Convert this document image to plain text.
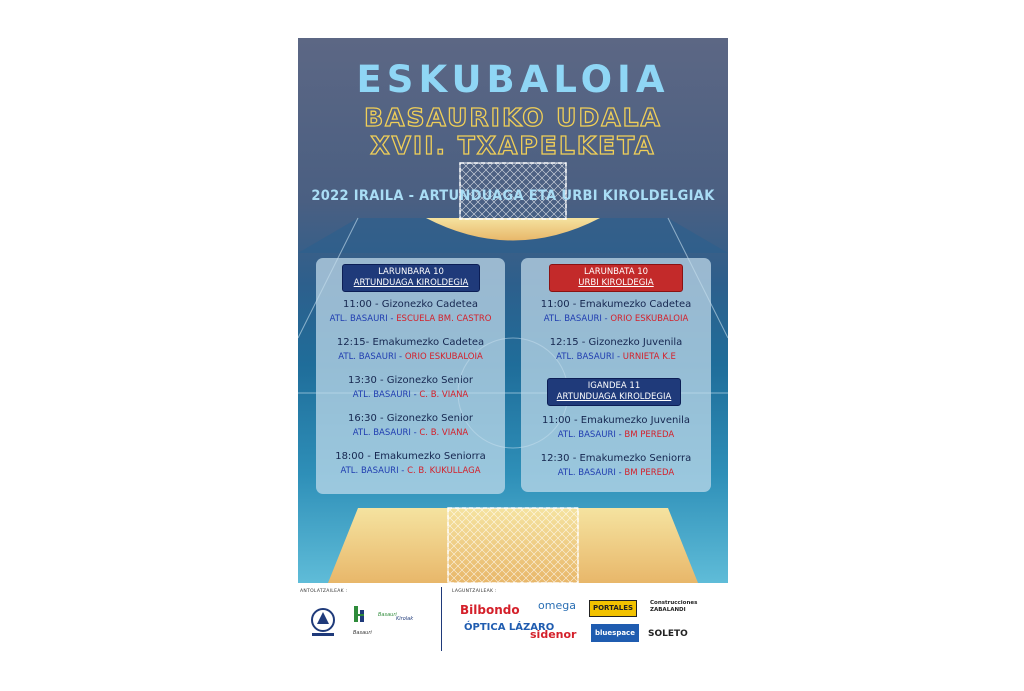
ESKUBALOIA
BASAURIKO UDALA
XVII. TXAPELKETA
2022 IRAILA - ARTUNDUAGA ETA URBI KIROLDELGIAK
LARUNBARA 10
ARTUNDUAGA KIROLDEGIA
11:00 - Gizonezko Cadetea
ATL. BASAURI - ESCUELA BM. CASTRO
12:15- Emakumezko Cadetea
ATL. BASAURI - ORIO ESKUBALOIA
13:30 - Gizonezko Senior
ATL. BASAURI - C. B. VIANA
16:30 - Gizonezko Senior
ATL. BASAURI - C. B. VIANA
18:00 - Emakumezko Seniorra
ATL. BASAURI - C. B. KUKULLAGA
LARUNBATA 10
URBI KIROLDEGIA
11:00 - Emakumezko Cadetea
ATL. BASAURI - ORIO ESKUBALOIA
12:15 - Gizonezko Juvenila
ATL. BASAURI - URNIETA K.E
IGANDEA 11
ARTUNDUAGA KIROLDEGIA
11:00 - Emakumezko Juvenila
ATL. BASAURI - BM PEREDA
12:30 - Emakumezko Seniorra
ATL. BASAURI - BM PEREDA
ANTOLATZAILEAK :	LAGUNTZAILEAK :
Basauri
Basauri
Kirolak
Bilbondo omega	PORTALES
Construcciones ZABALANDI
ÓPTICA LÁZARO
sidenor	bluespace	SOLETO
